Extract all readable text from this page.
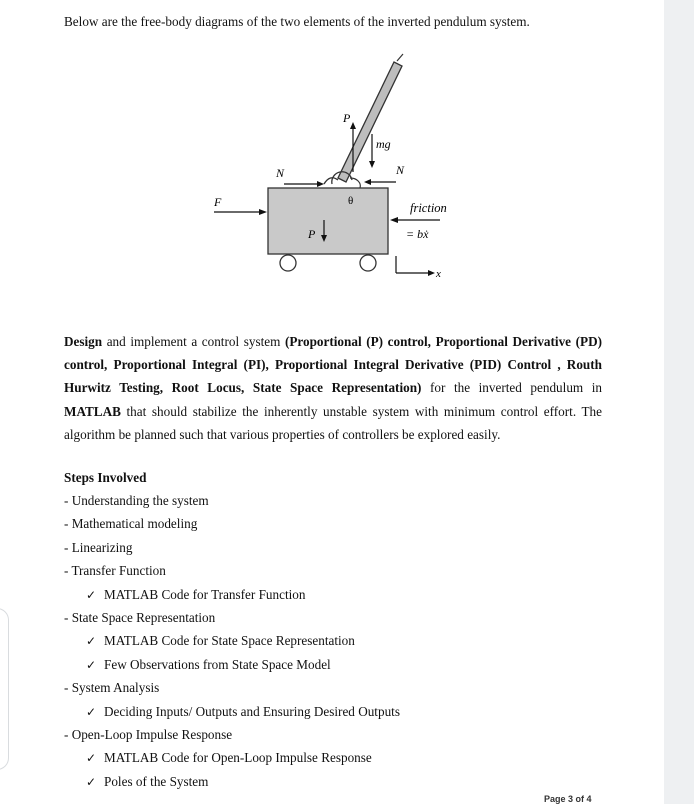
Below are the free-body diagrams of the two elements of the inverted pendulum system.
P
mg
N
N
θ
P
F	friction
= bẋ
x
Design and implement a control system (Proportional (P) control, Proportional Derivative (PD) control, Proportional Integral (PI), Proportional Integral Derivative (PID) Control , Routh Hurwitz Testing, Root Locus, State Space Representation) for the inverted pendulum in MATLAB that should stabilize the inherently unstable system with minimum control effort. The algorithm be planned such that various properties of controllers be explored easily.
Steps Involved
- Understanding the system
- Mathematical modeling
- Linearizing
- Transfer Function
✓ MATLAB Code for Transfer Function
- State Space Representation
✓ MATLAB Code for State Space Representation
✓ Few Observations from State Space Model
- System Analysis
✓ Deciding Inputs/ Outputs and Ensuring Desired Outputs
- Open-Loop Impulse Response
✓ MATLAB Code for Open-Loop Impulse Response
✓ Poles of the System
Page 3 of 4
